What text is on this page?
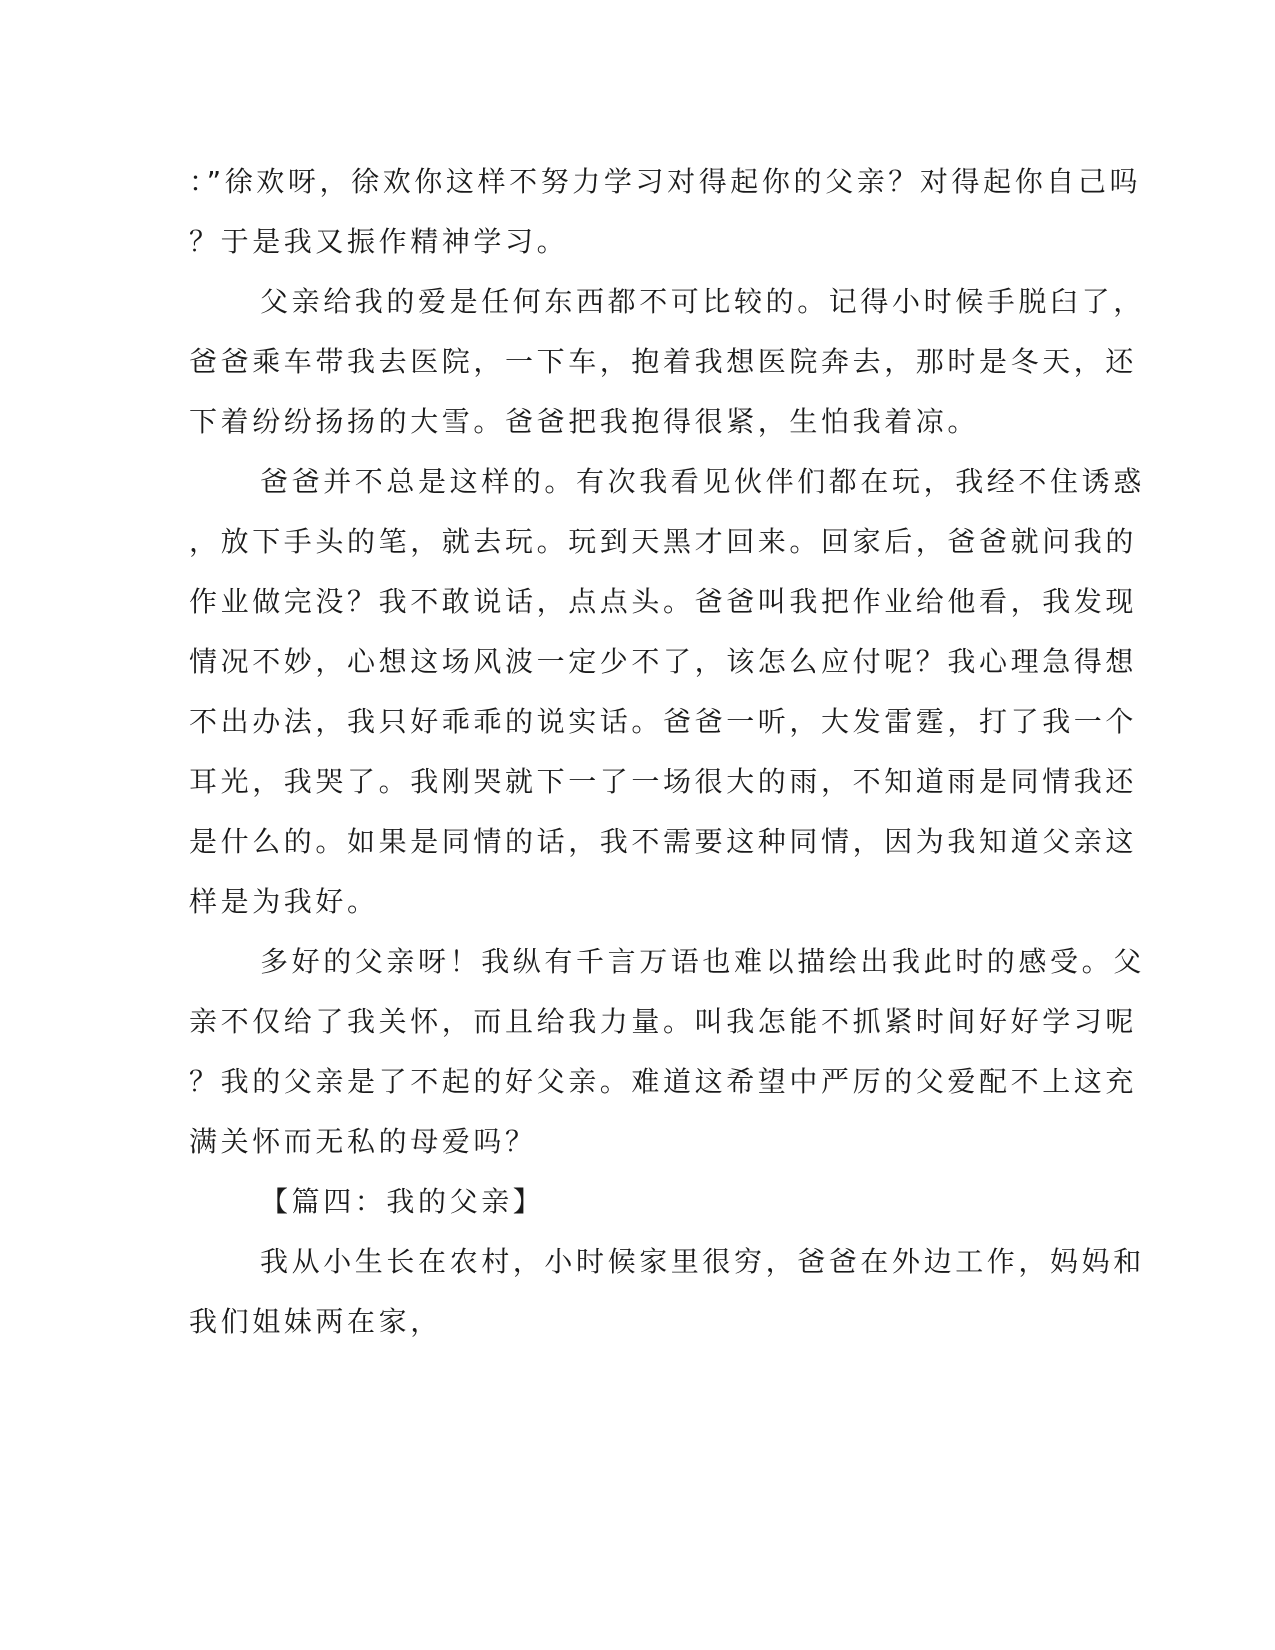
：”徐欢呀，徐欢你这样不努力学习对得起你的父亲？对得起你自己吗
？于是我又振作精神学习。
父亲给我的爱是任何东西都不可比较的。记得小时候手脱臼了，
爸爸乘车带我去医院，一下车，抱着我想医院奔去，那时是冬天，还
下着纷纷扬扬的大雪。爸爸把我抱得很紧，生怕我着凉。
爸爸并不总是这样的。有次我看见伙伴们都在玩，我经不住诱惑
，放下手头的笔，就去玩。玩到天黑才回来。回家后，爸爸就问我的
作业做完没？我不敢说话，点点头。爸爸叫我把作业给他看，我发现
情况不妙，心想这场风波一定少不了，该怎么应付呢？我心理急得想
不出办法，我只好乖乖的说实话。爸爸一听，大发雷霆，打了我一个
耳光，我哭了。我刚哭就下一了一场很大的雨，不知道雨是同情我还
是什么的。如果是同情的话，我不需要这种同情，因为我知道父亲这
样是为我好。
多好的父亲呀！我纵有千言万语也难以描绘出我此时的感受。父
亲不仅给了我关怀，而且给我力量。叫我怎能不抓紧时间好好学习呢
？我的父亲是了不起的好父亲。难道这希望中严厉的父爱配不上这充
满关怀而无私的母爱吗？
【篇四：我的父亲】
我从小生长在农村，小时候家里很穷，爸爸在外边工作，妈妈和
我们姐妹两在家，
